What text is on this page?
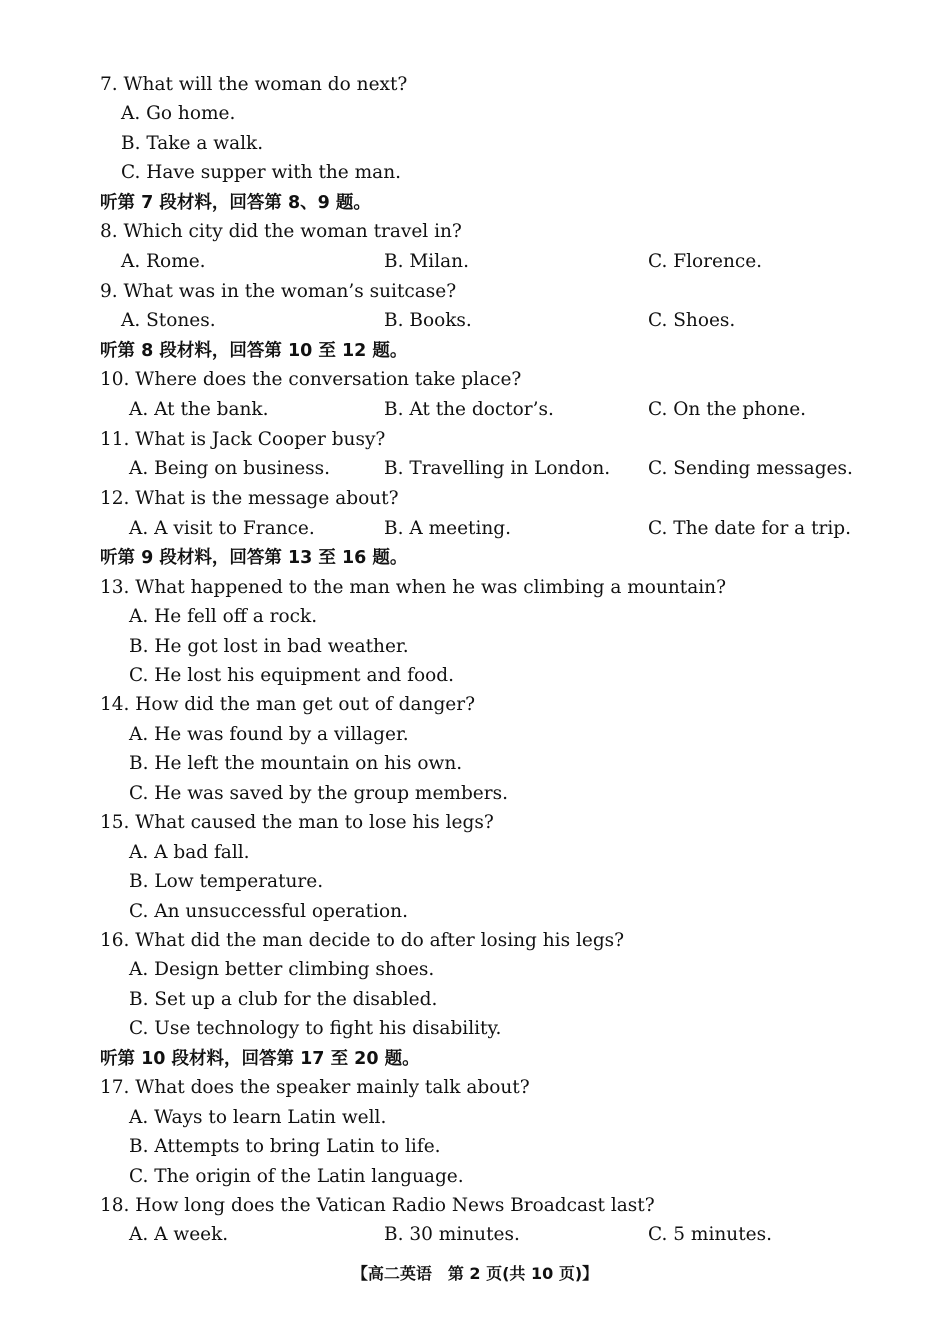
7. What will the woman do next?
A. Go home.
B. Take a walk.
C. Have supper with the man.
听第 7 段材料，回答第 8、9 题。
8. Which city did the woman travel in?
A. Rome.	B. Milan.	C. Florence.
9. What was in the woman’s suitcase?
A. Stones.	B. Books.	C. Shoes.
听第 8 段材料，回答第 10 至 12 题。
10. Where does the conversation take place?
A. At the bank.	B. At the doctor’s.	C. On the phone.
11. What is Jack Cooper busy?
A. Being on business.	B. Travelling in London. C. Sending messages.
12. What is the message about?
A. A visit to France.	B. A meeting.	C. The date for a trip.
听第 9 段材料，回答第 13 至 16 题。
13. What happened to the man when he was climbing a mountain?
A. He fell off a rock.
B. He got lost in bad weather.
C. He lost his equipment and food.
14. How did the man get out of danger?
A. He was found by a villager.
B. He left the mountain on his own.
C. He was saved by the group members.
15. What caused the man to lose his legs?
A. A bad fall.
B. Low temperature.
C. An unsuccessful operation.
16. What did the man decide to do after losing his legs?
A. Design better climbing shoes.
B. Set up a club for the disabled.
C. Use technology to fight his disability.
听第 10 段材料，回答第 17 至 20 题。
17. What does the speaker mainly talk about?
A. Ways to learn Latin well.
B. Attempts to bring Latin to life.
C. The origin of the Latin language.
18. How long does the Vatican Radio News Broadcast last?
A. A week.	B. 30 minutes.	C. 5 minutes.
【高二英语　第 2 页(共 10 页)】
